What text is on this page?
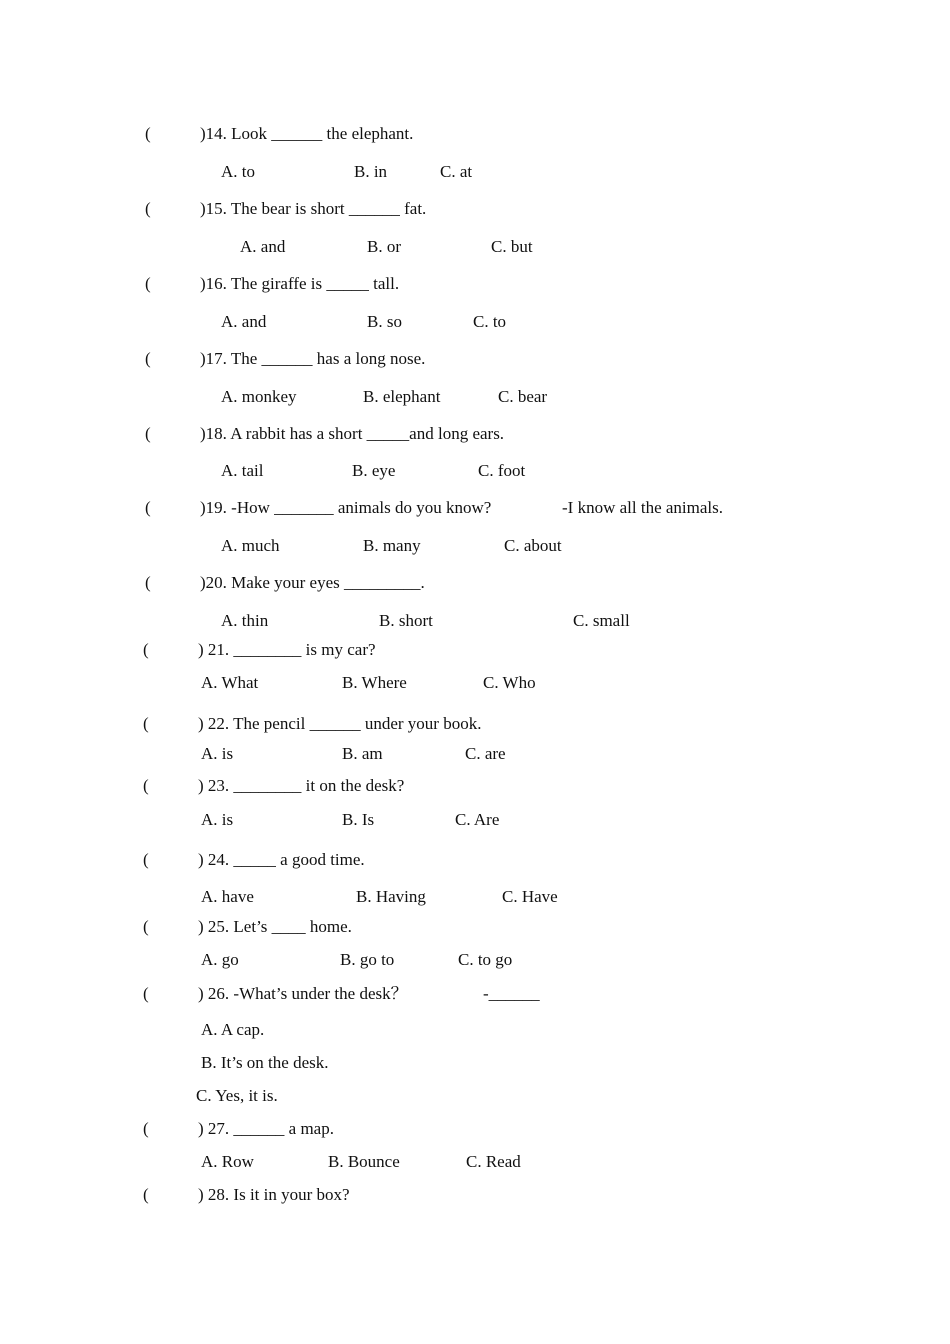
(	)14. Look ______ the elephant.
A. to	B. in	C. at
(	)15. The bear is short ______ fat.
A. and	B. or	C. but
(	)16. The giraffe is _____ tall.
A. and	B. so	C. to
(	)17. The ______ has a long nose.
A. monkey	B. elephant	C. bear
(	)18. A rabbit has a short _____and long ears.
A. tail	B. eye	C. foot
(	)19. -How _______ animals do you know?	-I know all the animals.
A. much	B. many	C. about
(	)20. Make your eyes _________.
A. thin	B. short	C. small
(	) 21. ________ is my car?
A. What	B. Where	C. Who
(	) 22. The pencil ______ under your book.
A. is	B. am	C. are
(	) 23. ________ it on the desk?
A. is	B. Is	C. Are
(	) 24. _____ a good time.
A. have	B. Having	C. Have
(	) 25. Let’s ____ home.
A. go	B. go to	C. to go
(	) 26. -What’s under the desk？	-______
A. A cap.
B. It’s on the desk.
C. Yes, it is.
(	) 27. ______ a map.
A. Row	B. Bounce	C. Read
(	) 28. Is it in your box?
